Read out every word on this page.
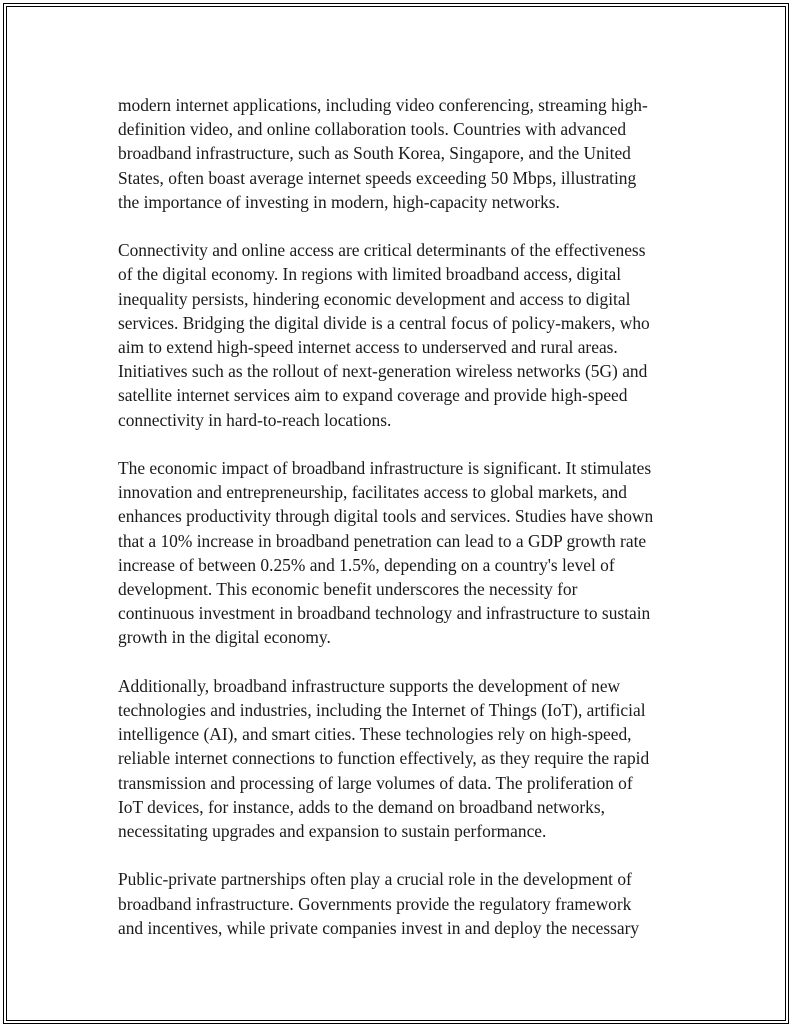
modern internet applications, including video conferencing, streaming high-
definition video, and online collaboration tools. Countries with advanced
broadband infrastructure, such as South Korea, Singapore, and the United
States, often boast average internet speeds exceeding 50 Mbps, illustrating
the importance of investing in modern, high-capacity networks.

Connectivity and online access are critical determinants of the effectiveness
of the digital economy. In regions with limited broadband access, digital
inequality persists, hindering economic development and access to digital
services. Bridging the digital divide is a central focus of policy-makers, who
aim to extend high-speed internet access to underserved and rural areas.
Initiatives such as the rollout of next-generation wireless networks (5G) and
satellite internet services aim to expand coverage and provide high-speed
connectivity in hard-to-reach locations.

The economic impact of broadband infrastructure is significant. It stimulates
innovation and entrepreneurship, facilitates access to global markets, and
enhances productivity through digital tools and services. Studies have shown
that a 10% increase in broadband penetration can lead to a GDP growth rate
increase of between 0.25% and 1.5%, depending on a country's level of
development. This economic benefit underscores the necessity for
continuous investment in broadband technology and infrastructure to sustain
growth in the digital economy.

Additionally, broadband infrastructure supports the development of new
technologies and industries, including the Internet of Things (IoT), artificial
intelligence (AI), and smart cities. These technologies rely on high-speed,
reliable internet connections to function effectively, as they require the rapid
transmission and processing of large volumes of data. The proliferation of
IoT devices, for instance, adds to the demand on broadband networks,
necessitating upgrades and expansion to sustain performance.

Public-private partnerships often play a crucial role in the development of
broadband infrastructure. Governments provide the regulatory framework
and incentives, while private companies invest in and deploy the necessary
